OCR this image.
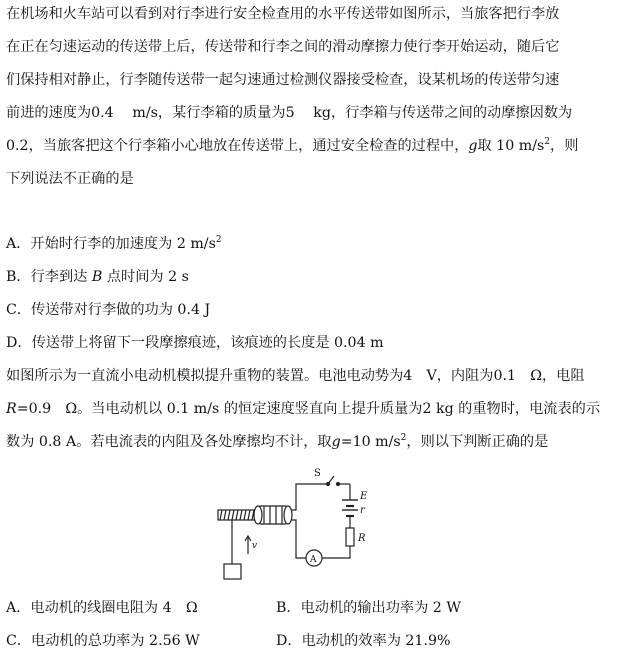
在机场和火车站可以看到对行李进行安全检查用的水平传送带如图所示，当旅客把行李放
在正在匀速运动的传送带上后，传送带和行李之间的滑动摩擦力使行李开始运动，随后它
们保持相对静止，行李随传送带一起匀速通过检测仪器接受检查，设某机场的传送带匀速
前进的速度为0.4　 m/s，某行李箱的质量为5　 kg，行李箱与传送带之间的动摩擦因数为
0.2，当旅客把这个行李箱小心地放在传送带上，通过安全检查的过程中，g取 10 $m/s^2$，则
下列说法不正确的是
A．开始时行李的加速度为 2 $m/s^2$
B．行李到达 B 点时间为 2 s
C．传送带对行李做的功为 0.4 J
D．传送带上将留下一段摩擦痕迹，该痕迹的长度是 0.04 m
如图所示为一直流小电动机模拟提升重物的装置。电池电动势为4　V，内阻为0.1　Ω，电阻
R=0.9　Ω。当电动机以 0.1 m/s 的恒定速度竖直向上提升质量为2 kg 的重物时，电流表的示
数为 0.8 A。若电流表的内阻及各处摩擦均不计，取g=10 $m/s^2$，则以下判断正确的是
S
E
r
R
A
v
A．电动机的线圈电阻为 4　Ω	B．电动机的输出功率为 2 W
C．电动机的总功率为 2.56 W	D．电动机的效率为 21.9%
